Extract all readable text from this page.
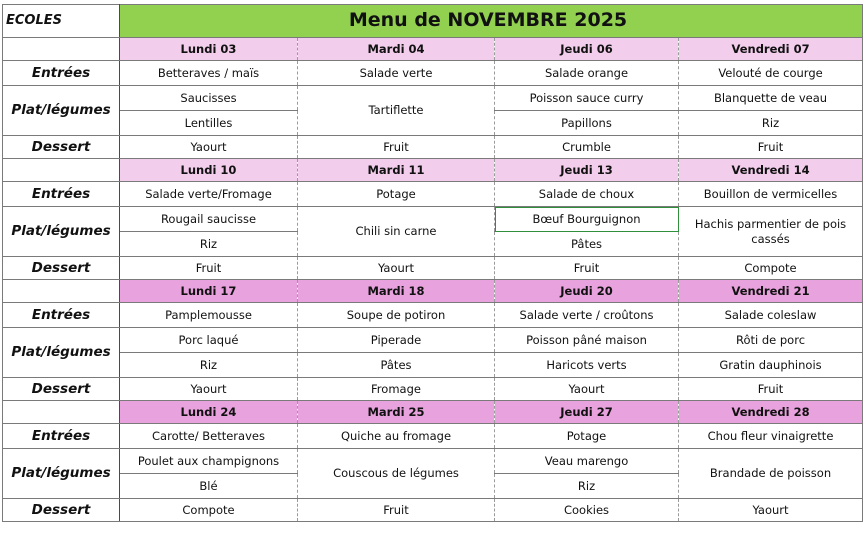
ECOLES		Menu de NOVEMBRE 2025		
	Lundi 03	Mardi 04	Jeudi 06	Vendredi 07
Entrées	Betteraves / maïs	Salade verte	Salade orange	Velouté de courge
Plat/légumes	Saucisses	Tartiflette	Poisson sauce curry	Blanquette de veau
	Lentilles		Papillons	Riz
Dessert	Yaourt	Fruit	Crumble	Fruit
	Lundi 10	Mardi 11	Jeudi 13	Vendredi 14
Entrées	Salade verte/Fromage	Potage	Salade de choux	Bouillon de vermicelles
Plat/légumes	Rougail saucisse	Chili sin carne	Bœuf Bourguignon	Hachis parmentier de pois cassés
	Riz		Pâtes	
Dessert	Fruit	Yaourt	Fruit	Compote
	Lundi 17	Mardi 18	Jeudi 20	Vendredi 21
Entrées	Pamplemousse	Soupe de potiron	Salade verte / croûtons	Salade coleslaw
Plat/légumes	Porc laqué	Piperade	Poisson pâné maison	Rôti de porc
	Riz	Pâtes	Haricots verts	Gratin dauphinois
Dessert	Yaourt	Fromage	Yaourt	Fruit
	Lundi 24	Mardi 25	Jeudi 27	Vendredi 28
Entrées	Carotte/ Betteraves	Quiche au fromage	Potage	Chou fleur vinaigrette
Plat/légumes	Poulet aux champignons	Couscous de légumes	Veau marengo	Brandade de poisson
	Blé		Riz	
Dessert	Compote	Fruit	Cookies	Yaourt
